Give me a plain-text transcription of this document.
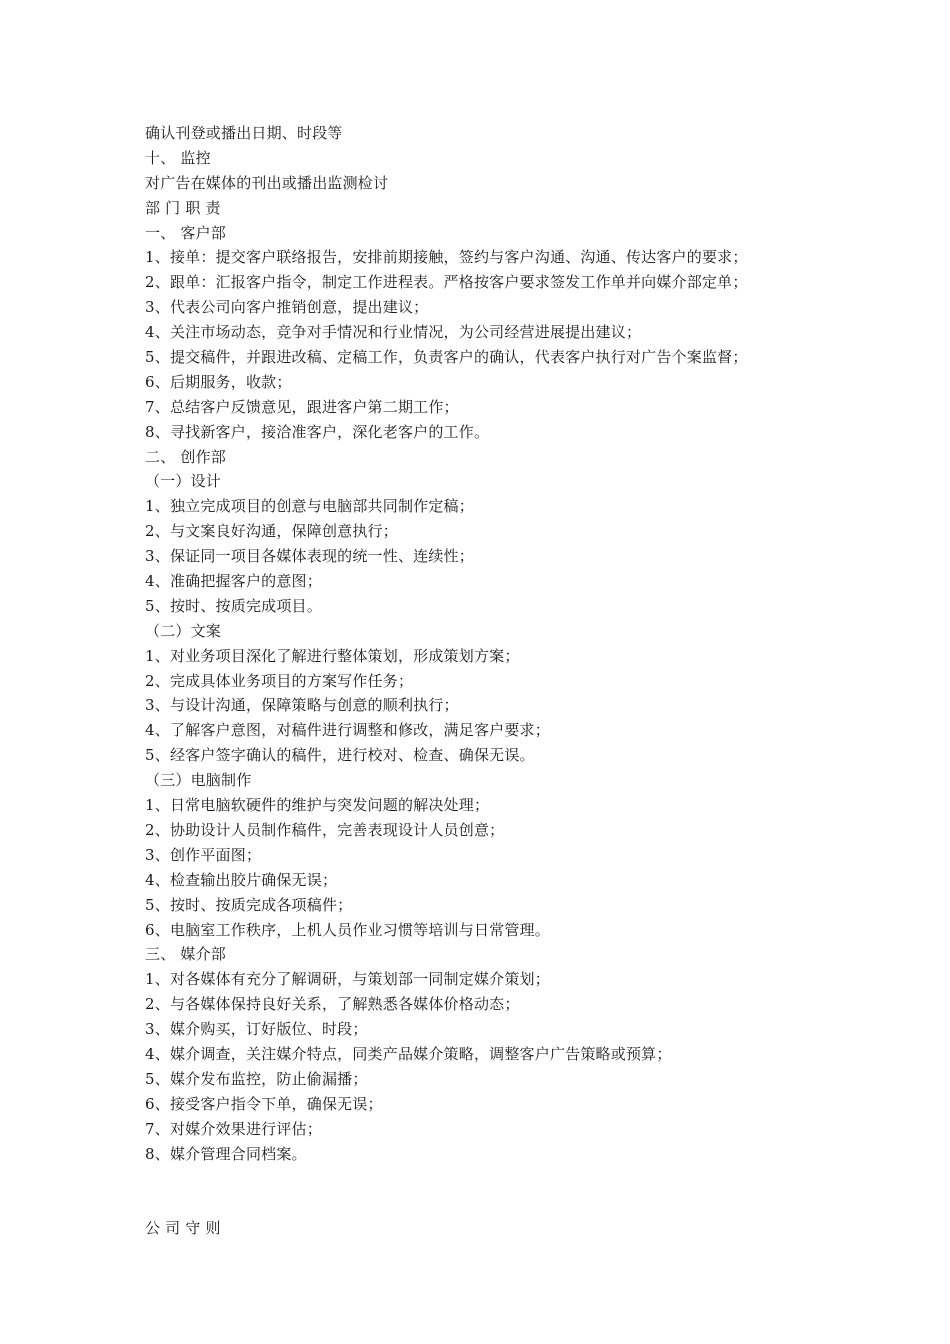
确认刊登或播出日期、时段等
十、 监控
对广告在媒体的刊出或播出监测检讨
部 门 职 责
一、 客户部
1、接单：提交客户联络报告，安排前期接触，签约与客户沟通、沟通、传达客户的要求；
2、跟单：汇报客户指令，制定工作进程表。严格按客户要求签发工作单并向媒介部定单；
3、代表公司向客户推销创意，提出建议；
4、关注市场动态，竞争对手情况和行业情况，为公司经营进展提出建议；
5、提交稿件，并跟进改稿、定稿工作，负责客户的确认，代表客户执行对广告个案监督；
6、后期服务，收款；
7、总结客户反馈意见，跟进客户第二期工作；
8、寻找新客户，接洽准客户，深化老客户的工作。
二、 创作部
（一）设计
1、独立完成项目的创意与电脑部共同制作定稿；
2、与文案良好沟通，保障创意执行；
3、保证同一项目各媒体表现的统一性、连续性；
4、准确把握客户的意图；
5、按时、按质完成项目。
（二）文案
1、对业务项目深化了解进行整体策划，形成策划方案；
2、完成具体业务项目的方案写作任务；
3、与设计沟通，保障策略与创意的顺利执行；
4、了解客户意图，对稿件进行调整和修改，满足客户要求；
5、经客户签字确认的稿件，进行校对、检查、确保无误。
（三）电脑制作
1、日常电脑软硬件的维护与突发问题的解决处理；
2、协助设计人员制作稿件，完善表现设计人员创意；
3、创作平面图；
4、检查输出胶片确保无误；
5、按时、按质完成各项稿件；
6、电脑室工作秩序，上机人员作业习惯等培训与日常管理。
三、 媒介部
1、对各媒体有充分了解调研，与策划部一同制定媒介策划；
2、与各媒体保持良好关系，了解熟悉各媒体价格动态；
3、媒介购买，订好版位、时段；
4、媒介调查，关注媒介特点，同类产品媒介策略，调整客户广告策略或预算；
5、媒介发布监控，防止偷漏播；
6、接受客户指令下单，确保无误；
7、对媒介效果进行评估；
8、媒介管理合同档案。
公 司 守 则
